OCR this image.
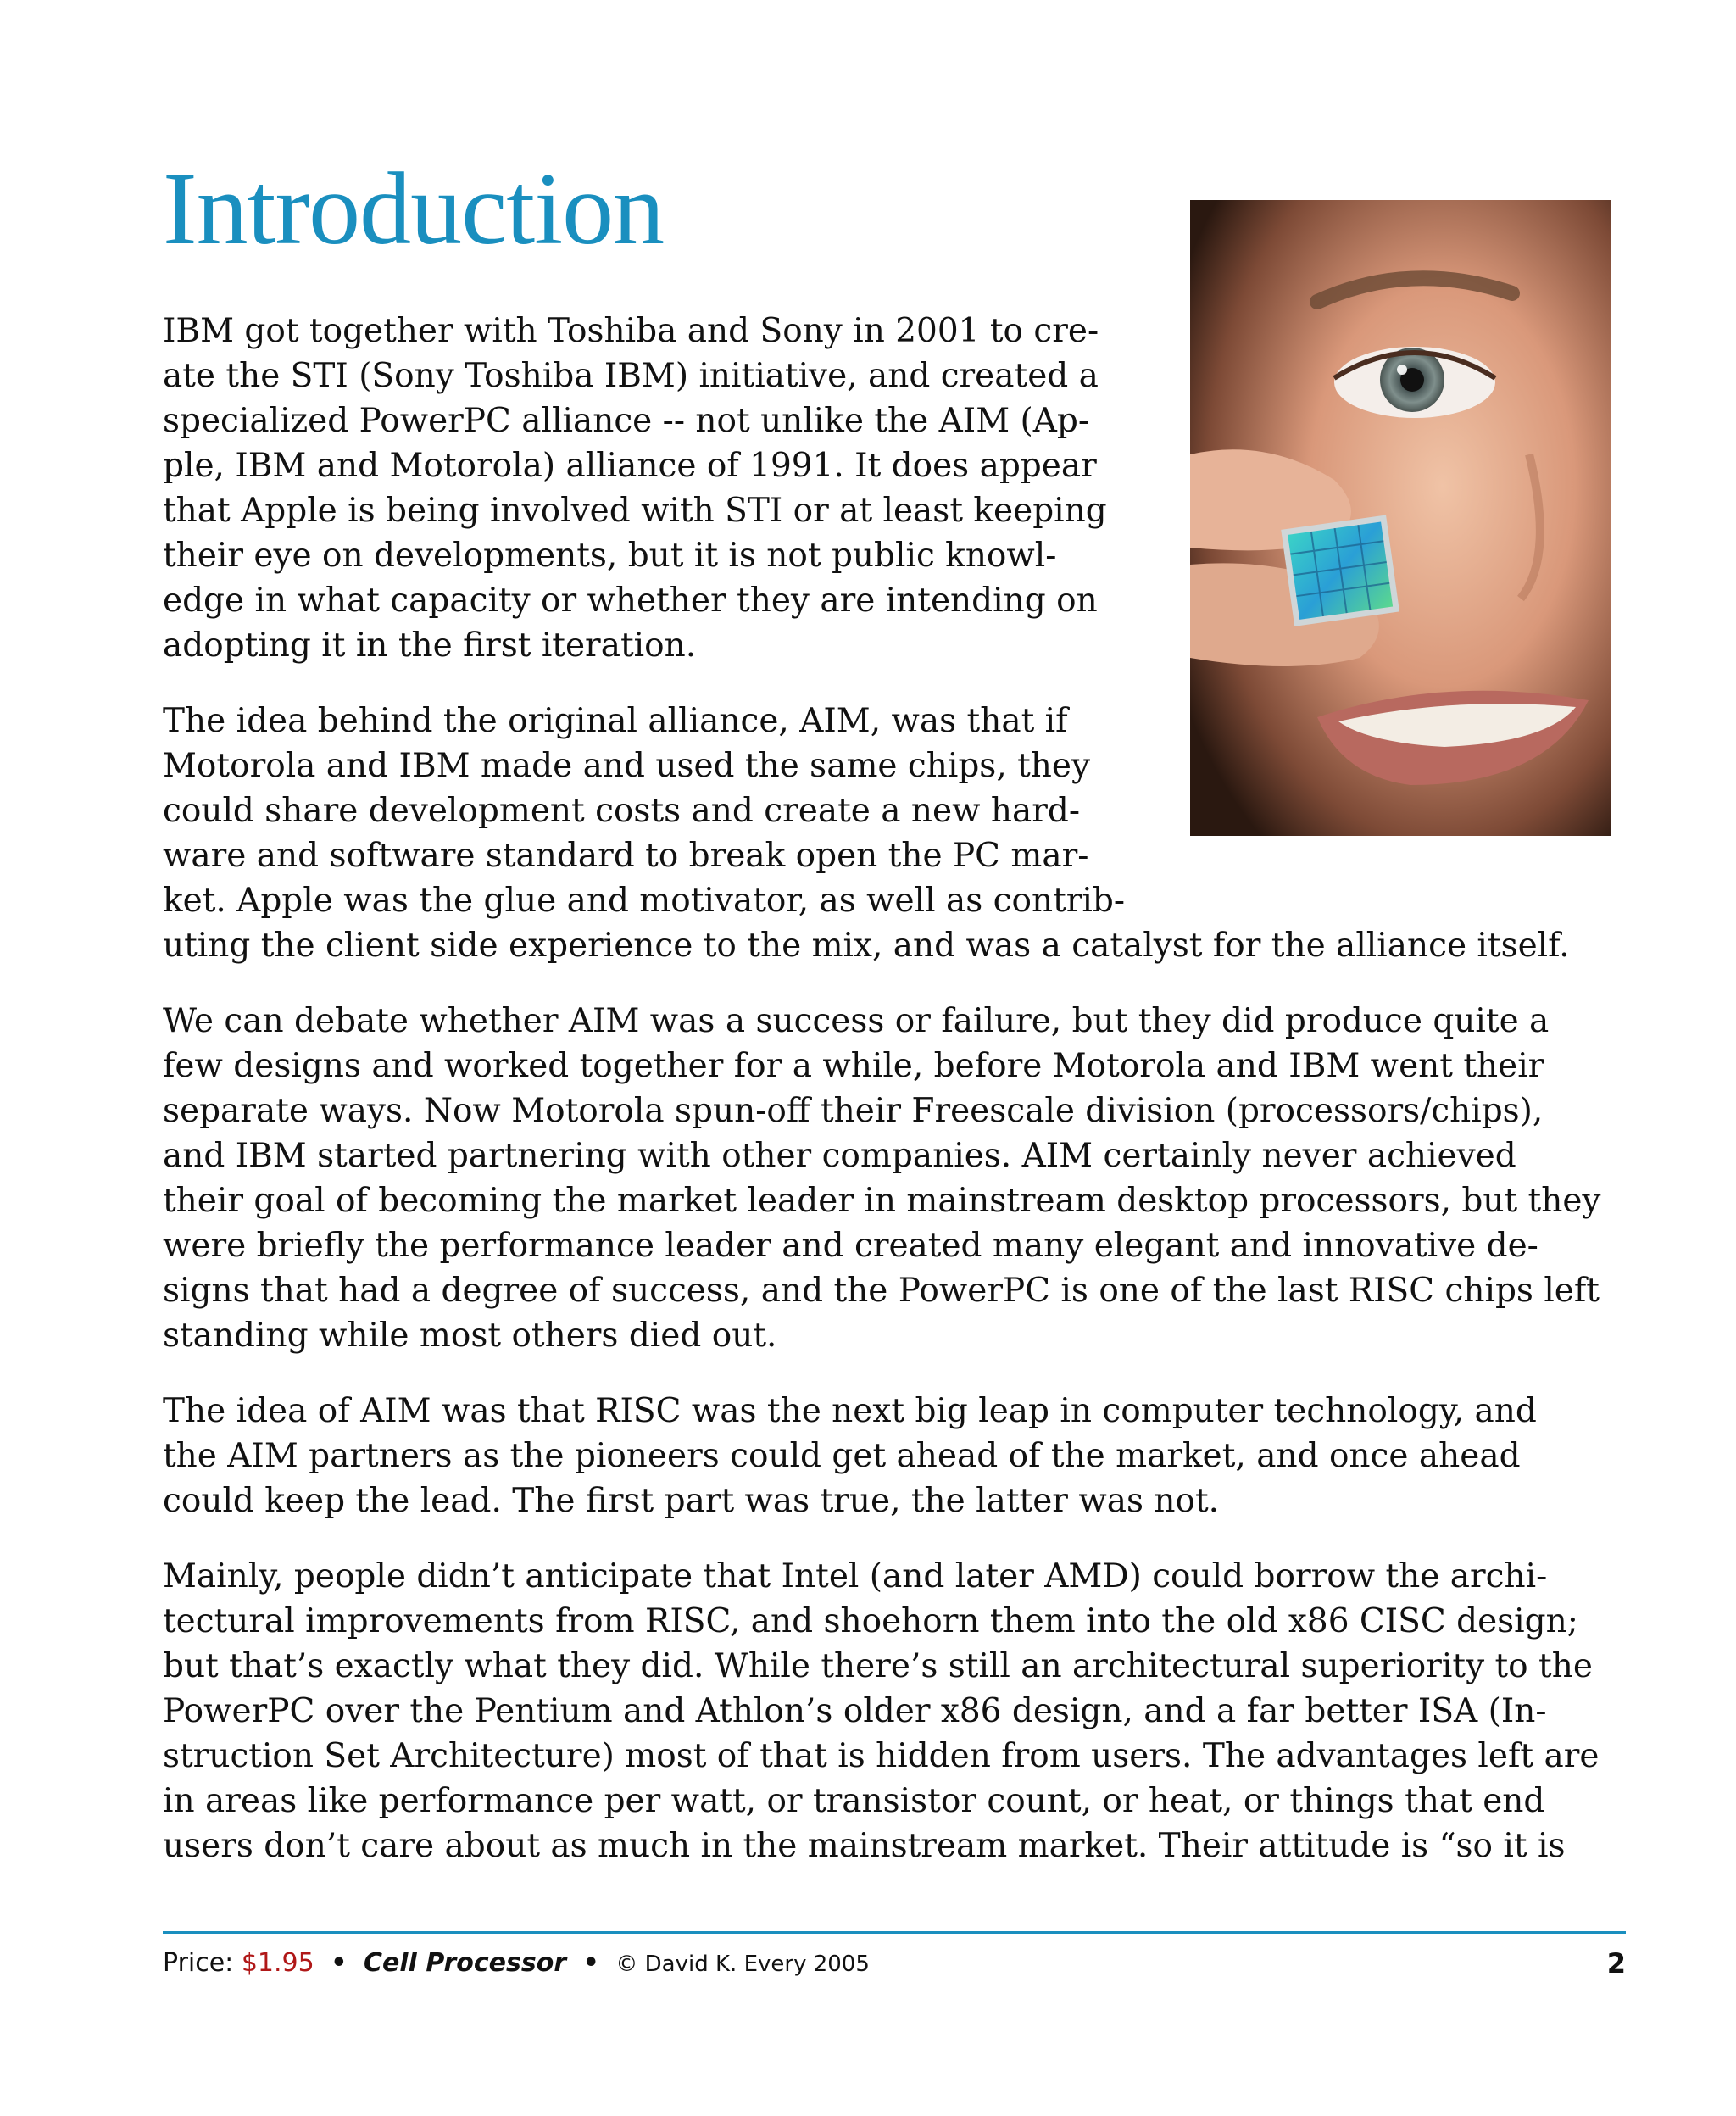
Introduction

IBM got together with Toshiba and Sony in 2001 to cre-
ate the STI (Sony Toshiba IBM) initiative, and created a
specialized PowerPC alliance -- not unlike the AIM (Ap-
ple, IBM and Motorola) alliance of 1991. It does appear
that Apple is being involved with STI or at least keeping
their eye on developments, but it is not public knowl-
edge in what capacity or whether they are intending on
adopting it in the first iteration.

The idea behind the original alliance, AIM, was that if
Motorola and IBM made and used the same chips, they
could share development costs and create a new hard-
ware and software standard to break open the PC mar-
ket. Apple was the glue and motivator, as well as contrib-
uting the client side experience to the mix, and was a catalyst for the alliance itself.

We can debate whether AIM was a success or failure, but they did produce quite a
few designs and worked together for a while, before Motorola and IBM went their
separate ways. Now Motorola spun-off their Freescale division (processors/chips),
and IBM started partnering with other companies. AIM certainly never achieved
their goal of becoming the market leader in mainstream desktop processors, but they
were briefly the performance leader and created many elegant and innovative de-
signs that had a degree of success, and the PowerPC is one of the last RISC chips left
standing while most others died out.

The idea of AIM was that RISC was the next big leap in computer technology, and
the AIM partners as the pioneers could get ahead of the market, and once ahead
could keep the lead. The first part was true, the latter was not.

Mainly, people didn’t anticipate that Intel (and later AMD) could borrow the archi-
tectural improvements from RISC, and shoehorn them into the old x86 CISC design;
but that’s exactly what they did. While there’s still an architectural superiority to the
PowerPC over the Pentium and Athlon’s older x86 design, and a far better ISA (In-
struction Set Architecture) most of that is hidden from users. The advantages left are
in areas like performance per watt, or transistor count, or heat, or things that end
users don’t care about as much in the mainstream market. Their attitude is “so it is

Price: $1.95 • Cell Processor • © David K. Every 2005	2
